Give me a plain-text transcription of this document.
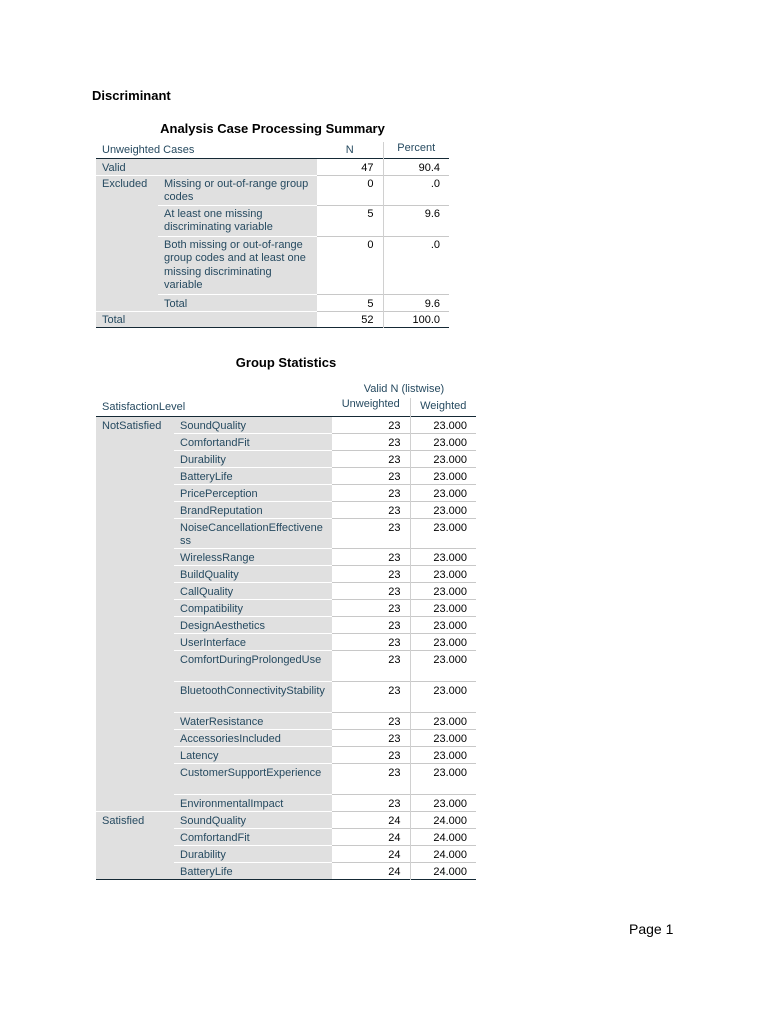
Discriminant
Analysis Case Processing Summary
Unweighted Cases		N	Percent
Valid		47	90.4
Excluded	Missing or out-of-range group codes	0	.0
	At least one missing discriminating variable	5	9.6
	Both missing or out-of-range group codes and at least one missing discriminating variable	0	.0
	Total	5	9.6
Total		52	100.0
Group Statistics
		Valid N (listwise)	
SatisfactionLevel		Unweighted	Weighted
NotSatisfied	SoundQuality	23	23.000
	ComfortandFit	23	23.000
	Durability	23	23.000
	BatteryLife	23	23.000
	PricePerception	23	23.000
	BrandReputation	23	23.000
	NoiseCancellationEffectiveness	23	23.000
	WirelessRange	23	23.000
	BuildQuality	23	23.000
	CallQuality	23	23.000
	Compatibility	23	23.000
	DesignAesthetics	23	23.000
	UserInterface	23	23.000
	ComfortDuringProlongedUse	23	23.000
	BluetoothConnectivityStability	23	23.000
	WaterResistance	23	23.000
	AccessoriesIncluded	23	23.000
	Latency	23	23.000
	CustomerSupportExperience	23	23.000
	EnvironmentalImpact	23	23.000
Satisfied	SoundQuality	24	24.000
	ComfortandFit	24	24.000
	Durability	24	24.000
	BatteryLife	24	24.000
Page 1
